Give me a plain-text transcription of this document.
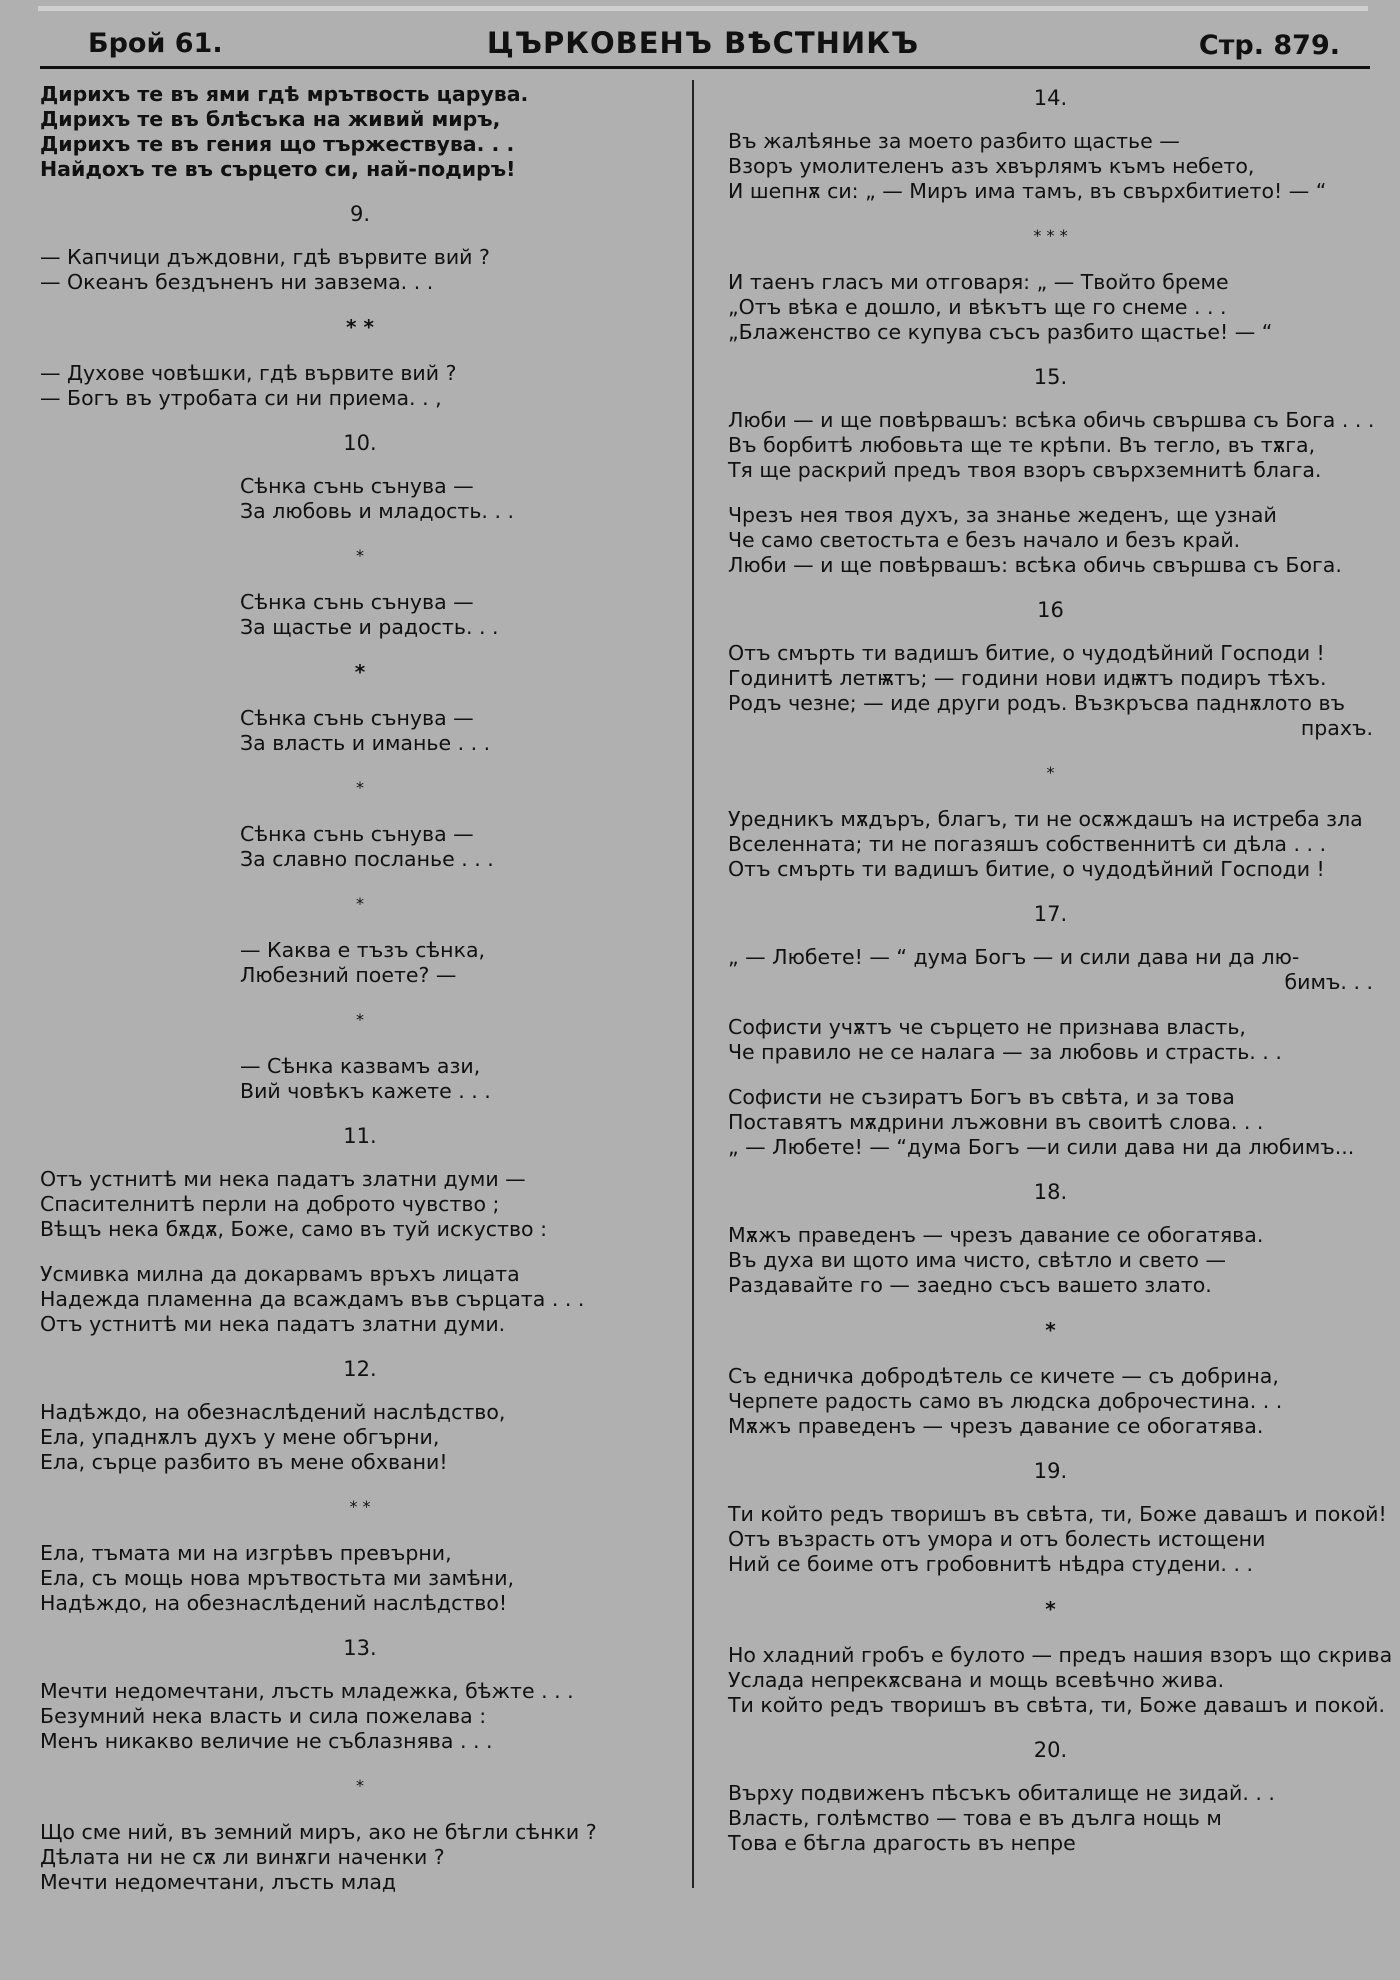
Брой 61.	ЦЪРКОВЕНЪ ВѢСТНИКЪ	Стр. 879.
Дирихъ те въ ями гдѣ мрътвость царува.
Дирихъ те въ блѣсъка на живий миръ,
Дирихъ те въ гения що тържествува. . .
Найдохъ те въ сърцето си, най-подиръ!
9.
— Капчици дъждовни, гдѣ вървите вий ?
— Океанъ бездъненъ ни завзема. . .
* *
— Духове човѣшки, гдѣ вървите вий ?
— Богъ въ утробата си ни приема. . ,
10.
Сѣнка сънь сънува —
За любовь и младость. . .
*
Сѣнка сънь сънува —
За щастье и радость. . .
*
Сѣнка сънь сънува —
За власть и иманье . . .
*
Сѣнка сънь сънува —
За славно посланье . . .
*
— Каква е тъзъ сѣнка,
Любезний поете? —
*
— Сѣнка казвамъ ази,
Вий човѣкъ кажете . . .
11.
Отъ устнитѣ ми нека падатъ златни думи —
Спасителнитѣ перли на доброто чувство ;
Вѣщъ нека бѫдѫ, Боже, само въ туй искуство :
Усмивка милна да докарвамъ връхъ лицата
Надежда пламенна да всаждамъ във сърцата . . .
Отъ устнитѣ ми нека падатъ златни думи.
12.
Надѣждо, на обезнаслѣдений наслѣдство,
Ела, упаднѫлъ духъ у мене обгърни,
Ела, сърце разбито въ мене обхвани!
* *
Ела, тъмата ми на изгрѣвъ превърни,
Ела, съ мощь нова мрътвостьта ми замѣни,
Надѣждо, на обезнаслѣдений наслѣдство!
13.
Мечти недомечтани, лъсть младежка, бѣжте . . .
Безумний нека власть и сила пожелава :
Менъ никакво величие не съблазнява . . .
*
Що сме ний, въ земний миръ, ако не бѣгли сѣнки ?
Дѣлата ни не сѫ ли винѫги наченки ?
Мечти недомечтани, лъсть млад
14.
Въ жалѣянье за моето разбито щастье —
Взоръ умолителенъ азъ хвърлямъ къмъ небето,
И шепнѫ си: „ — Миръ има тамъ, въ свърхбитието! — “
* * *
И таенъ гласъ ми отговаря: „ — Твойто бреме
„Отъ вѣка е дошло, и вѣкътъ ще го снеме . . .
„Блаженство се купува съсъ разбито щастье! — “
15.
Люби — и ще повѣрвашъ: всѣка обичь свършва съ Бога . . .
Въ борбитѣ любовьта ще те крѣпи. Въ тегло, въ тѫга,
Тя ще раскрий предъ твоя взоръ свърхземнитѣ блага.
Чрезъ нея твоя духъ, за знанье жеденъ, ще узнай
Че само светостьта е безъ начало и безъ край.
Люби — и ще повѣрвашъ: всѣка обичь свършва съ Бога.
16
Отъ смърть ти вадишъ битие, о чудодѣйний Господи !
Годинитѣ летѭтъ; — години нови идѭтъ подиръ тѣхъ.
Родъ чезне; — иде други родъ. Възкръсва паднѫлото въ
прахъ.
*
Уредникъ мѫдъръ, благъ, ти не осѫждашъ на истреба зла
Вселенната; ти не погазяшъ собственнитѣ си дѣла . . .
Отъ смърть ти вадишъ битие, о чудодѣйний Господи !
17.
„ — Любете! — “ дума Богъ — и сили дава ни да лю-
бимъ. . .
Софисти учѫтъ че сърцето не признава власть,
Че правило не се налага — за любовь и страсть. . .
Софисти не съзиратъ Богъ въ свѣта, и за това
Поставятъ мѫдрини лъжовни въ своитѣ слова. . .
„ — Любете! — “дума Богъ —и сили дава ни да любимъ...
18.
Мѫжъ праведенъ — чрезъ давание се обогатява.
Въ духа ви щото има чисто, свѣтло и свето —
Раздавайте го — заедно съсъ вашето злато.
*
Съ едничка добродѣтель се кичете — съ добрина,
Черпете радость само въ людска доброчестина. . .
Мѫжъ праведенъ — чрезъ давание се обогатява.
19.
Ти който редъ творишъ въ свѣта, ти, Боже давашъ и покой!
Отъ възрасть отъ умора и отъ болесть истощени
Ний се боиме отъ гробовнитѣ нѣдра студени. . .
*
Но хладний гробъ е булото — предъ нашия взоръ що скрива
Услада непрекѫсвана и мощь всевѣчно жива.
Ти който редъ творишъ въ свѣта, ти, Боже давашъ и покой.
20.
Върху подвиженъ пѣсъкъ обиталище не зидай. . .
Власть, голѣмство — това е въ дълга нощь м
Това е бѣгла драгость въ непре
